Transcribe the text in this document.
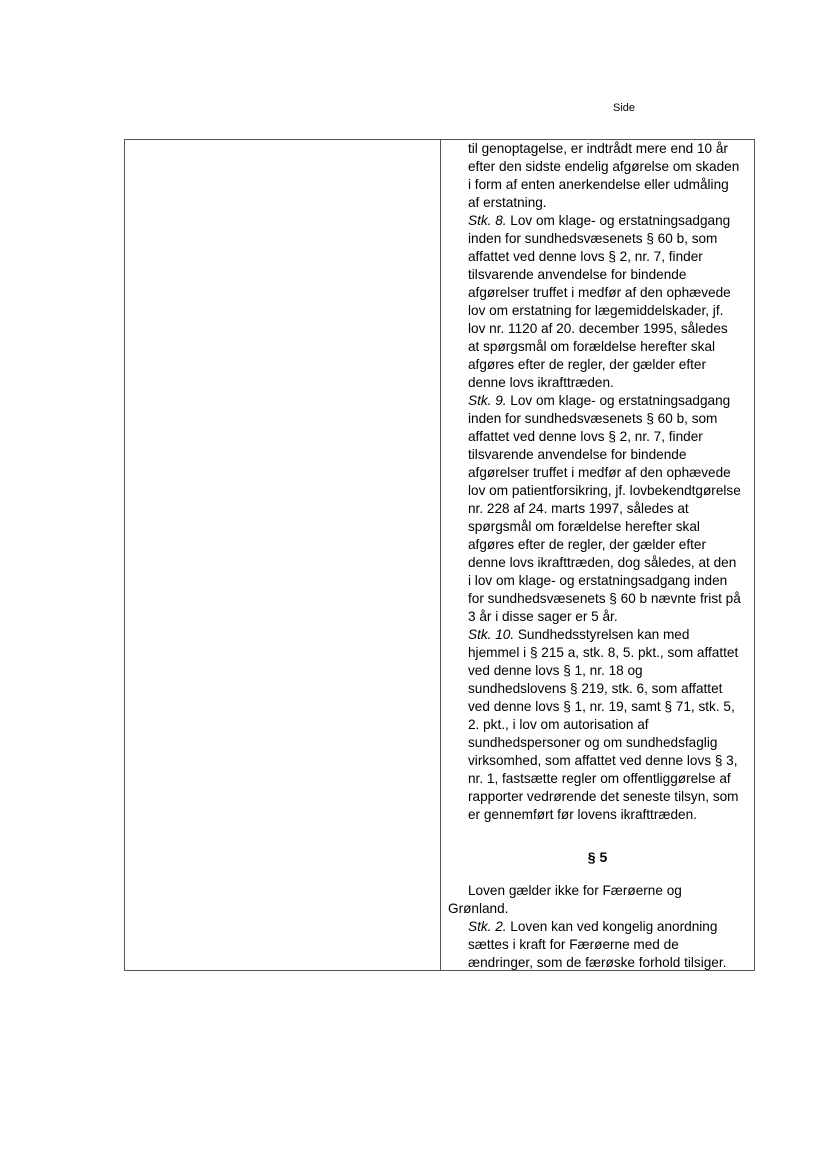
Side
til genoptagelse, er indtrådt mere end 10 år
efter den sidste endelig afgørelse om skaden
i form af enten anerkendelse eller udmåling
af erstatning.
Stk. 8. Lov om klage- og erstatningsadgang
inden for sundhedsvæsenets § 60 b, som
affattet ved denne lovs § 2, nr. 7, finder
tilsvarende anvendelse for bindende
afgørelser truffet i medfør af den ophævede
lov om erstatning for lægemiddelskader, jf.
lov nr. 1120 af 20. december 1995, således
at spørgsmål om forældelse herefter skal
afgøres efter de regler, der gælder efter
denne lovs ikrafttræden.
Stk. 9. Lov om klage- og erstatningsadgang
inden for sundhedsvæsenets § 60 b, som
affattet ved denne lovs § 2, nr. 7, finder
tilsvarende anvendelse for bindende
afgørelser truffet i medfør af den ophævede
lov om patientforsikring, jf. lovbekendtgørelse
nr. 228 af 24. marts 1997, således at
spørgsmål om forældelse herefter skal
afgøres efter de regler, der gælder efter
denne lovs ikrafttræden, dog således, at den
i lov om klage- og erstatningsadgang inden
for sundhedsvæsenets § 60 b nævnte frist på
3 år i disse sager er 5 år.
Stk. 10. Sundhedsstyrelsen kan med
hjemmel i § 215 a, stk. 8, 5. pkt., som affattet
ved denne lovs § 1, nr. 18 og
sundhedslovens § 219, stk. 6, som affattet
ved denne lovs § 1, nr. 19, samt § 71, stk. 5,
2. pkt., i lov om autorisation af
sundhedspersoner og om sundhedsfaglig
virksomhed, som affattet ved denne lovs § 3,
nr. 1, fastsætte regler om offentliggørelse af
rapporter vedrørende det seneste tilsyn, som
er gennemført før lovens ikrafttræden.
§ 5
Loven gælder ikke for Færøerne og
Grønland.
Stk. 2. Loven kan ved kongelig anordning
sættes i kraft for Færøerne med de
ændringer, som de færøske forhold tilsiger.
